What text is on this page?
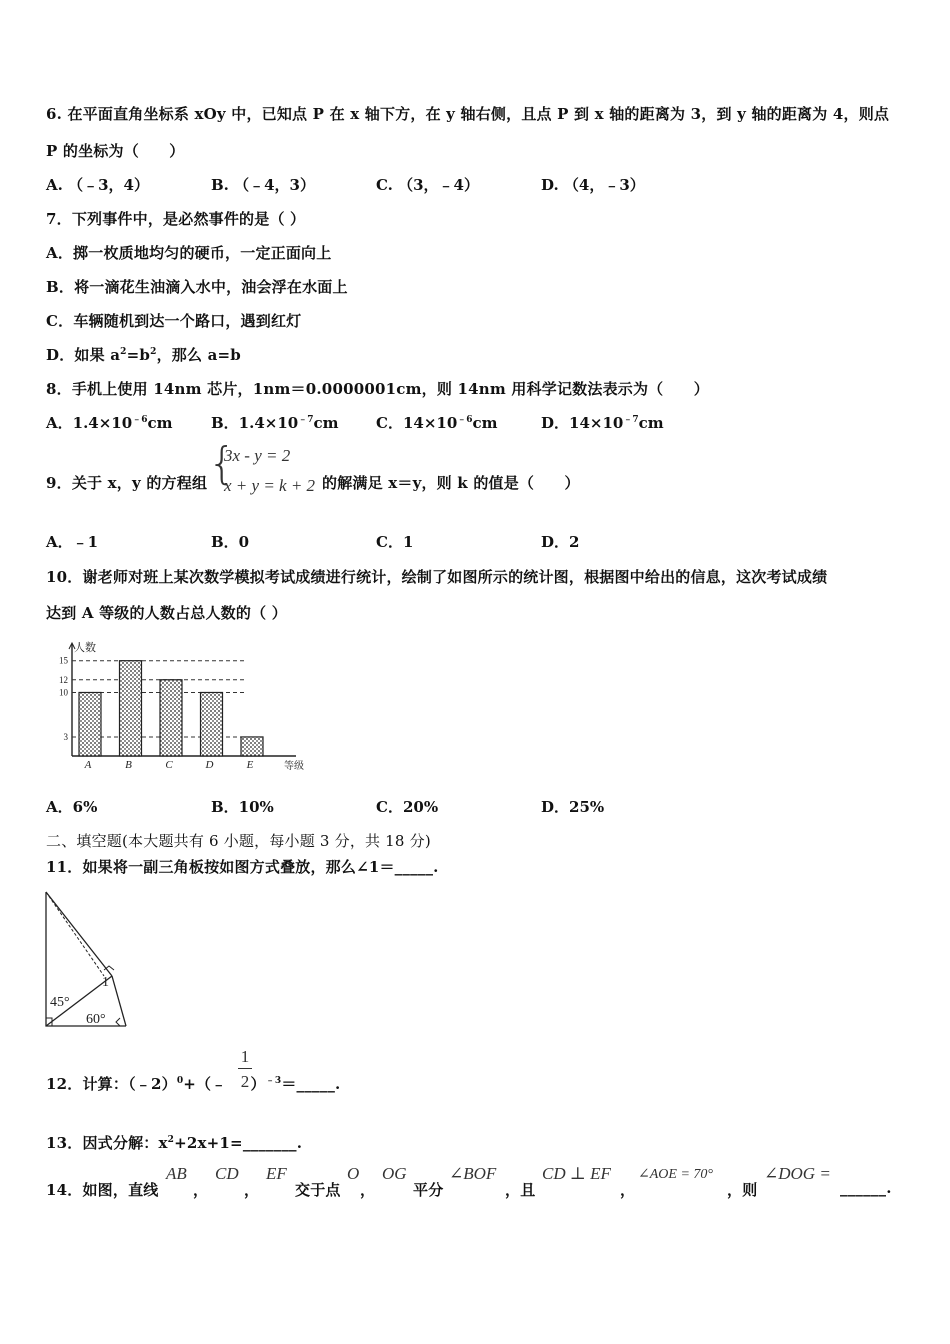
6. 在平面直角坐标系 xOy 中，已知点 P 在 x 轴下方，在 y 轴右侧，且点 P 到 x 轴的距离为 3，到 y 轴的距离为 4，则点
P 的坐标为（　　）
A. （﹣3，4）	B. （﹣4，3）	C. （3，﹣4）	D. （4，﹣3）
7．下列事件中，是必然事件的是（ ）
A．掷一枚质地均匀的硬币，一定正面向上
B．将一滴花生油滴入水中，油会浮在水面上
C．车辆随机到达一个路口，遇到红灯
D．如果 $a^2=b^2$，那么 a=b
8．手机上使用 14nm 芯片，1nm＝0.0000001cm，则 14nm 用科学记数法表示为（　　）
A．$1.4\times 10^{﹣6}cm$	B．$1.4\times 10^{﹣7}cm$	C．$14\times 10^{﹣6}cm$	D．$14\times 10^{﹣7}cm$
9．关于 x，y 的方程组 {
3x - y = 2
x + y = k + 2 的解满足 x＝y，则 k 的值是（　　）
A．﹣1	B．0	C．1	D．2
10．谢老师对班上某次数学模拟考试成绩进行统计，绘制了如图所示的统计图，根据图中给出的信息，这次考试成绩
达到 A 等级的人数占总人数的（ ）
3
10
12
15
A	B	C	D	E
人数
等级
A．6%	B．10%	C．20%	D．25%
二、填空题(本大题共有 6 小题，每小题 3 分，共 18 分)
11．如果将一副三角板按如图方式叠放，那么∠1＝_____.
1
45°
60°
12．计算：（﹣2）$^0$+（﹣ ）$^{﹣3}$＝_____.
1
2
13．因式分解：$x^2+2x+1=\_\_\_\_\_\_\_$.
14．如图，直线
AB
，
CD
，
EF
交于点
O
，
OG
平分
∠BOF
，且
CD ⊥ EF
，
∠AOE = 70°
，则
∠DOG =
______.
